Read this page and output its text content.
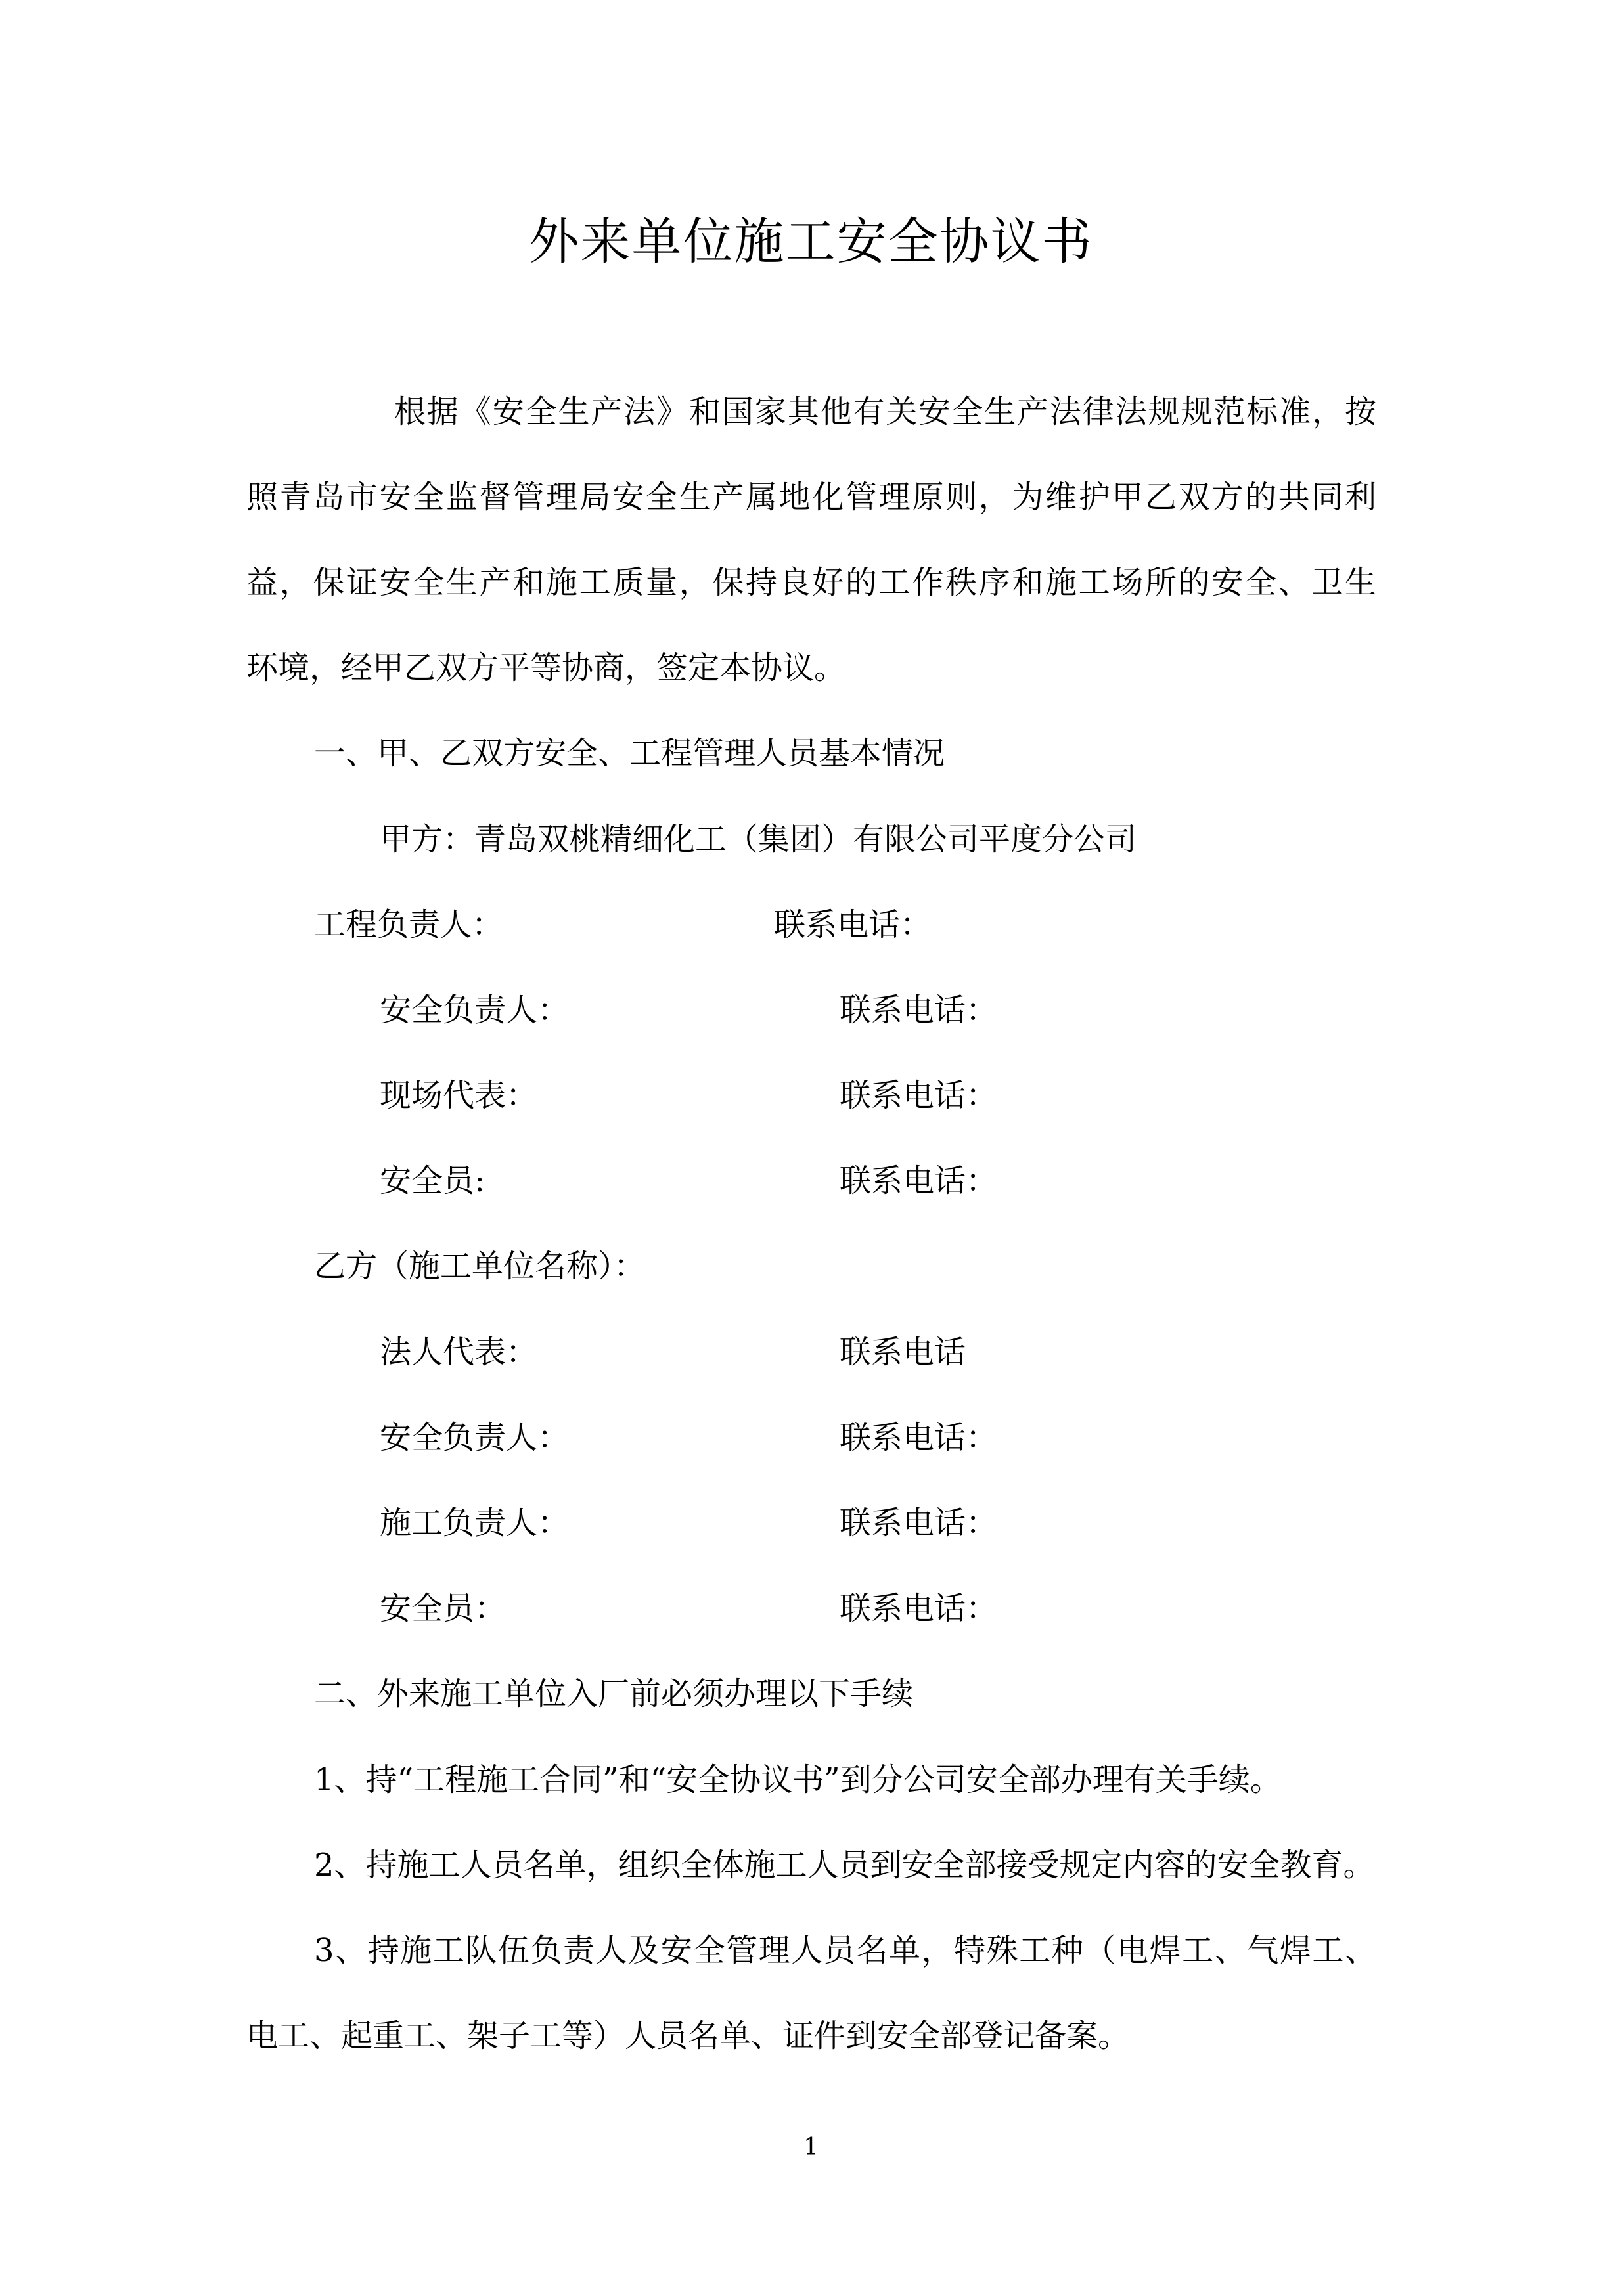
外来单位施工安全协议书
根据《安全生产法》和国家其他有关安全生产法律法规规范标准，按
照青岛市安全监督管理局安全生产属地化管理原则，为维护甲乙双方的共同利
益，保证安全生产和施工质量，保持良好的工作秩序和施工场所的安全、卫生
环境，经甲乙双方平等协商，签定本协议。
一、甲、乙双方安全、工程管理人员基本情况
甲方：青岛双桃精细化工（集团）有限公司平度分公司
工程负责人：	联系电话：
安全负责人：	联系电话：
现场代表：	联系电话：
安全员:	联系电话：
乙方（施工单位名称）：
法人代表：	联系电话
安全负责人：	联系电话：
施工负责人：	联系电话：
安全员：	联系电话：
二、外来施工单位入厂前必须办理以下手续
1、持“工程施工合同”和“安全协议书”到分公司安全部办理有关手续。
2、持施工人员名单，组织全体施工人员到安全部接受规定内容的安全教育。
3、持施工队伍负责人及安全管理人员名单，特殊工种（电焊工、气焊工、
电工、起重工、架子工等）人员名单、证件到安全部登记备案。
1
